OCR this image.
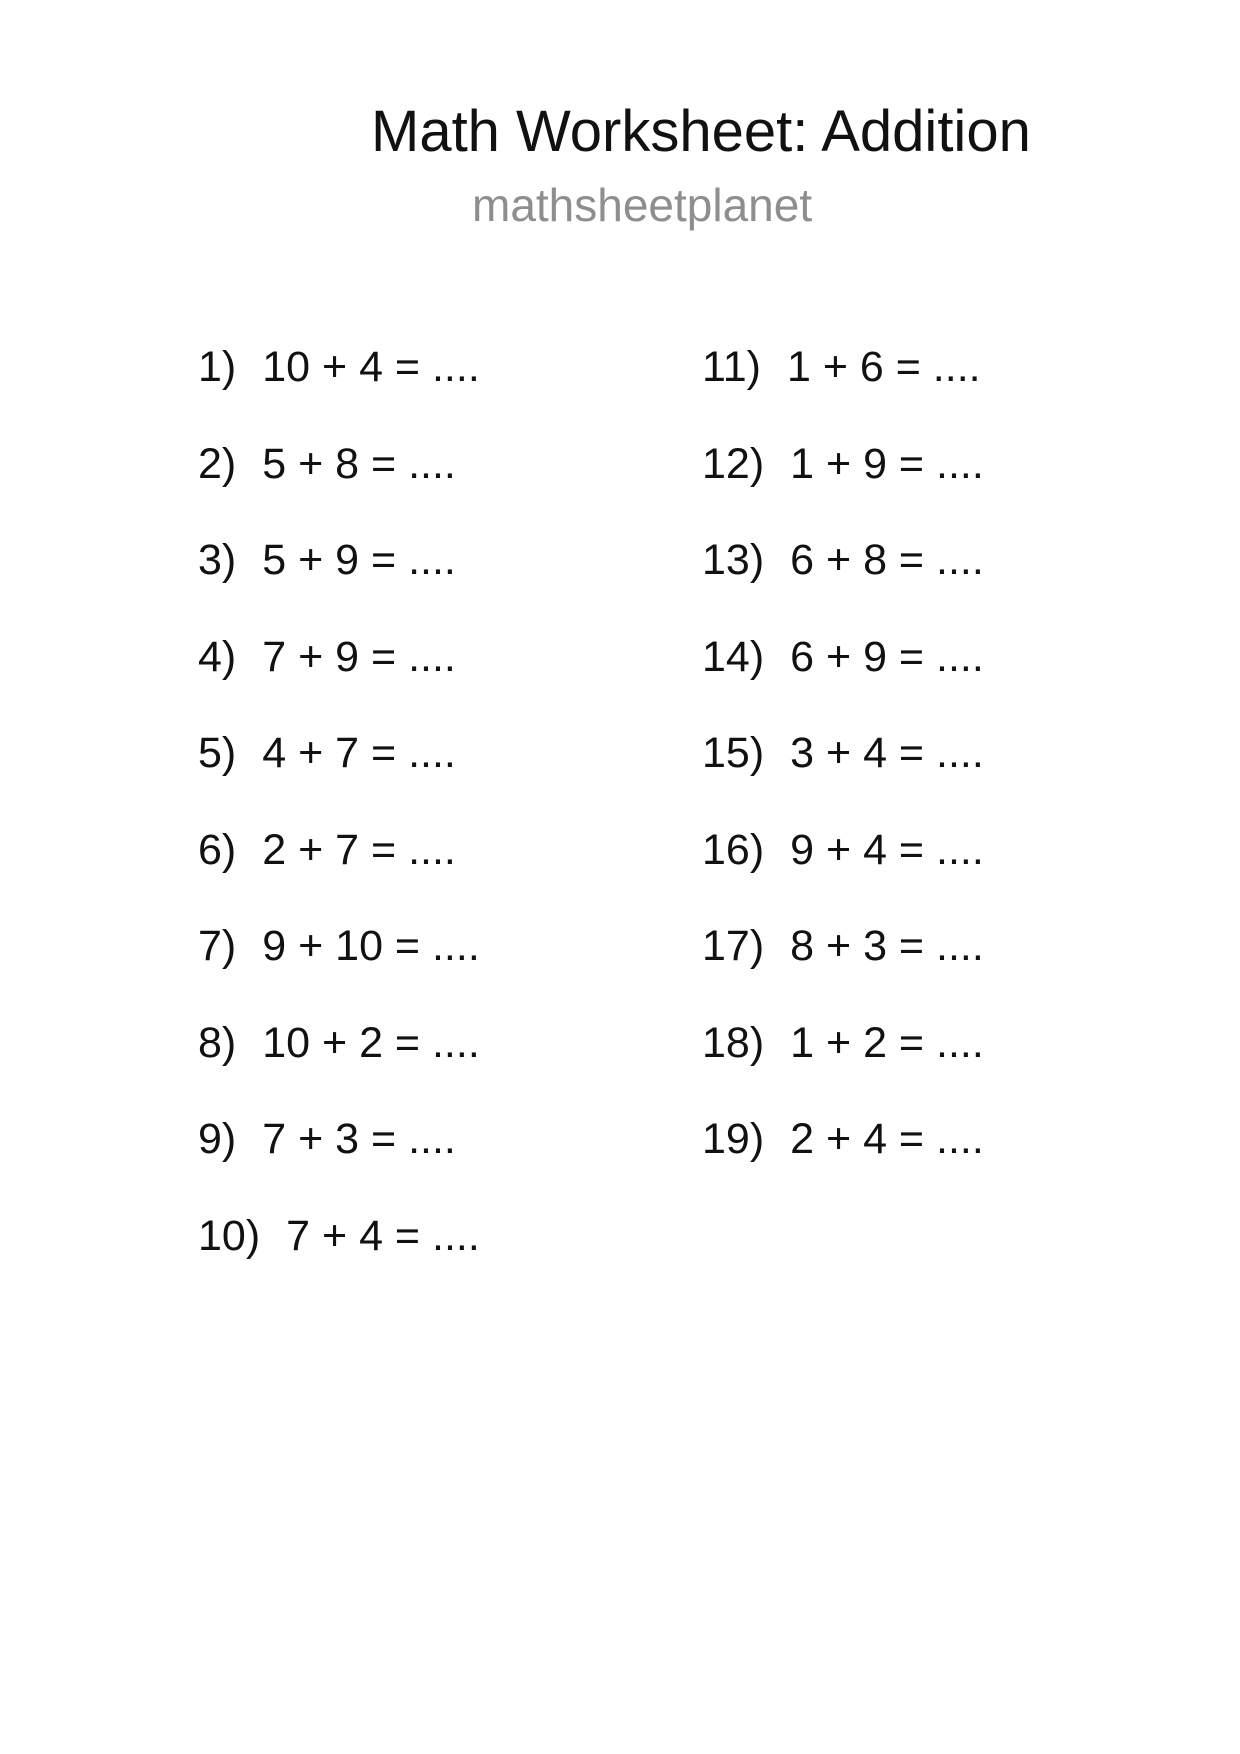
Math Worksheet: Addition
mathsheetplanet
1) 10 + 4 = ....
2) 5 + 8 = ....
3) 5 + 9 = ....
4) 7 + 9 = ....
5) 4 + 7 = ....
6) 2 + 7 = ....
7) 9 + 10 = ....
8) 10 + 2 = ....
9) 7 + 3 = ....
10) 7 + 4 = ....
11) 1 + 6 = ....
12) 1 + 9 = ....
13) 6 + 8 = ....
14) 6 + 9 = ....
15) 3 + 4 = ....
16) 9 + 4 = ....
17) 8 + 3 = ....
18) 1 + 2 = ....
19) 2 + 4 = ....
